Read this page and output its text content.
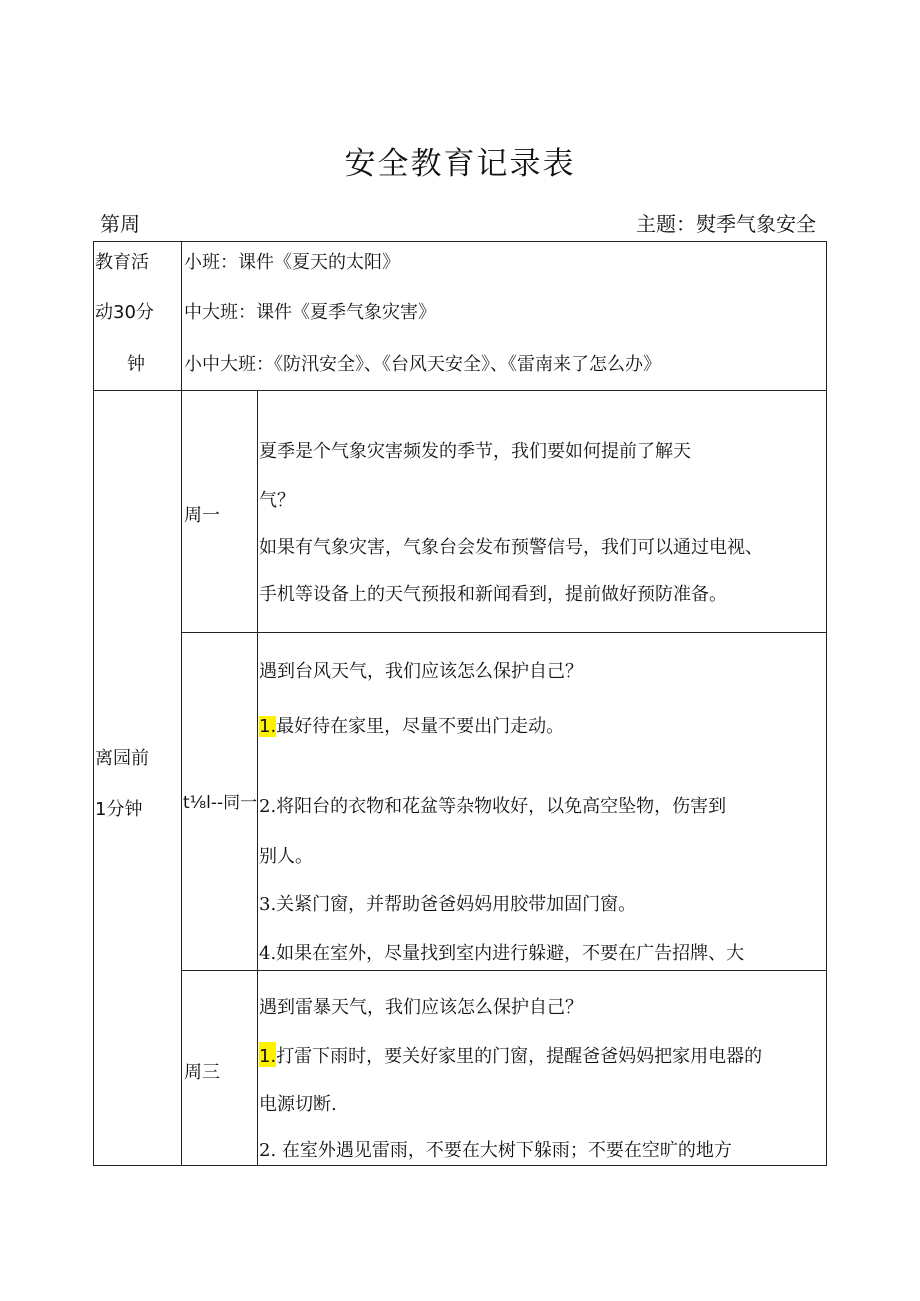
安全教育记录表
第周	主题：熨季气象安全
教育活
动30分
钟
小班：课件《夏天的太阳》
中大班：课件《夏季气象灾害》
小中大班：《防汛安全》、《台风天安全》、《雷南来了怎么办》
离园前
1分钟
周一
夏季是个气象灾害频发的季节，我们要如何提前了解天
气？
如果有气象灾害，气象台会发布预警信号，我们可以通过电视、
手机等设备上的天气预报和新闻看到，提前做好预防准备。
t⅛l--同一
遇到台风天气，我们应该怎么保护自己？
1.最好待在家里，尽量不要出门走动。
2.将阳台的衣物和花盆等杂物收好，以免高空坠物，伤害到
别人。
3.关紧门窗，并帮助爸爸妈妈用胶带加固门窗。
4.如果在室外，尽量找到室内进行躲避，不要在广告招牌、大
周三
遇到雷暴天气，我们应该怎么保护自己？
1.打雷下雨时，要关好家里的门窗，提醒爸爸妈妈把家用电器的
电源切断.
2. 在室外遇见雷雨，不要在大树下躲雨；不要在空旷的地方
